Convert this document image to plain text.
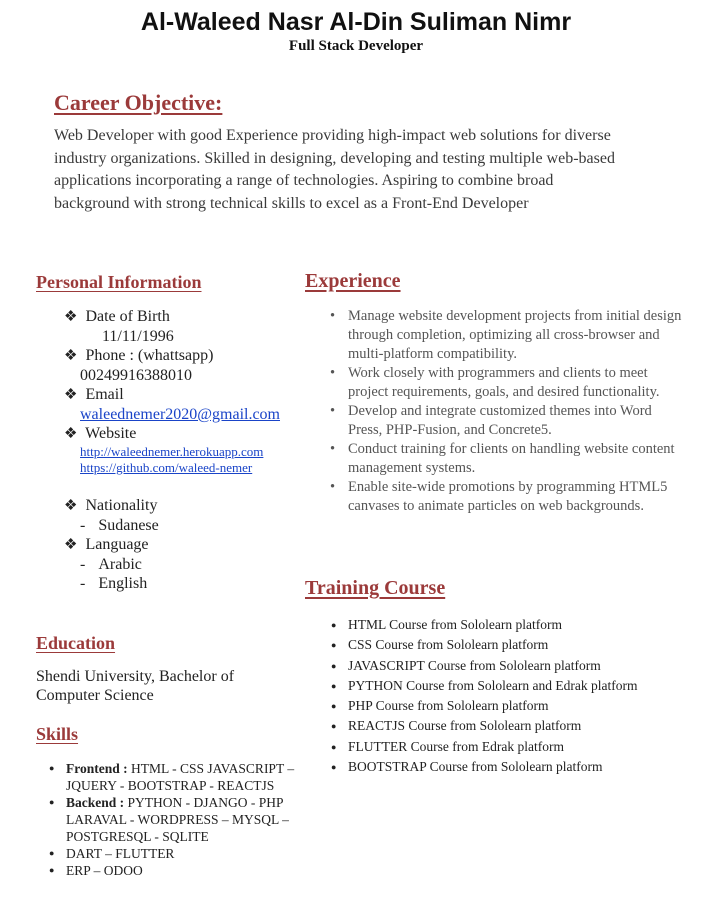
Al-Waleed Nasr Al-Din Suliman Nimr
Full Stack Developer
Career Objective:
Web Developer with good Experience providing high-impact web solutions for diverse industry organizations. Skilled in designing, developing and testing multiple web-based applications incorporating a range of technologies. Aspiring to combine broad background with strong technical skills to excel as a Front-End Developer
Personal Information
❖ Date of Birth
11/11/1996
❖ Phone : (whattsapp)
00249916388010
❖ Email
waleednemer2020@gmail.com
❖ Website
http://waleednemer.herokuapp.com
https://github.com/waleed-nemer
❖ Nationality
- Sudanese
❖ Language
- Arabic
- English
Education
Shendi University, Bachelor of Computer Science
Skills
● Frontend : HTML - CSS JAVASCRIPT – JQUERY - BOOTSTRAP - REACTJS
● Backend : PYTHON - DJANGO - PHP LARAVAL - WORDPRESS – MYSQL – POSTGRESQL - SQLITE
● DART – FLUTTER
● ERP – ODOO
Experience
• Manage website development projects from initial design through completion, optimizing all cross-browser and multi-platform compatibility.
• Work closely with programmers and clients to meet project requirements, goals, and desired functionality.
• Develop and integrate customized themes into Word Press, PHP-Fusion, and Concrete5.
• Conduct training for clients on handling website content management systems.
• Enable site-wide promotions by programming HTML5 canvases to animate particles on web backgrounds.
Training Course
● HTML Course from Sololearn platform
● CSS Course from Sololearn platform
● JAVASCRIPT Course from Sololearn platform
● PYTHON Course from Sololearn and Edrak platform
● PHP Course from Sololearn platform
● REACTJS Course from Sololearn platform
● FLUTTER Course from Edrak platform
● BOOTSTRAP Course from Sololearn platform
